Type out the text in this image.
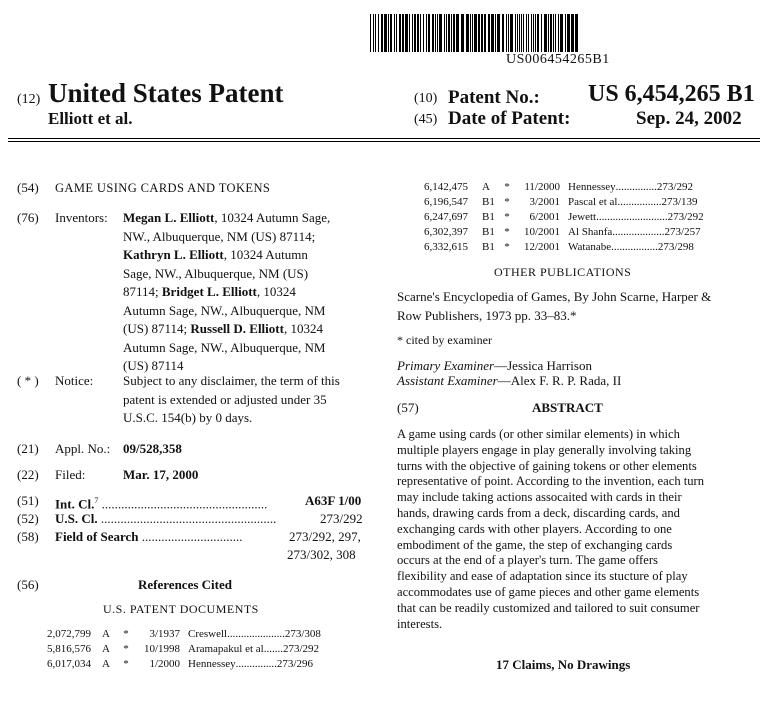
US006454265B1
(12) United States Patent
Elliott et al.
(10) Patent No.: US 6,454,265 B1
(45) Date of Patent:	Sep. 24, 2002
(54) GAME USING CARDS AND TOKENS
(76) Inventors: Megan L. Elliott, 10324 Autumn Sage,
NW., Albuquerque, NM (US) 87114;
Kathryn L. Elliott, 10324 Autumn
Sage, NW., Albuquerque, NM (US)
87114; Bridget L. Elliott, 10324
Autumn Sage, NW., Albuquerque, NM
(US) 87114; Russell D. Elliott, 10324
Autumn Sage, NW., Albuquerque, NM
(US) 87114
( * ) Notice: Subject to any disclaimer, the term of this
patent is extended or adjusted under 35
U.S.C. 154(b) by 0 days.
(21) Appl. No.: 09/528,358
(22) Filed:	Mar. 17, 2000
(51) Int. Cl.$^7$ ...................................................	A63F 1/00
(52) U.S. Cl. ......................................................	273/292
(58) Field of Search ...............................	273/292, 297,
273/302, 308
(56)	References Cited
U.S. PATENT DOCUMENTS
2,072,799 A * 3/1937 Creswell.....................273/308
5,816,576 A * 10/1998 Aramapakul et al.......273/292
6,017,034 A * 1/2000 Hennessey...............273/296
6,142,475 A * 11/2000 Hennessey...............273/292
6,196,547 B1 * 3/2001 Pascal et al................273/139
6,247,697 B1 * 6/2001 Jewett..........................273/292
6,302,397 B1 * 10/2001 Al Shanfa...................273/257
6,332,615 B1 * 12/2001 Watanabe.................273/298
OTHER PUBLICATIONS
Scarne's Encyclopedia of Games, By John Scarne, Harper &
Row Publishers, 1973 pp. 33–83.*
* cited by examiner
Primary Examiner—Jessica Harrison
Assistant Examiner—Alex F. R. P. Rada, II
(57)	ABSTRACT
A game using cards (or other similar elements) in which
multiple players engage in play generally involving taking
turns with the objective of gaining tokens or other elements
representative of point. According to the invention, each turn
may include taking actions assocaited with cards in their
hands, drawing cards from a deck, discarding cards, and
exchanging cards with other players. According to one
embodiment of the game, the step of exchanging cards
occurs at the end of a player's turn. The game offers
flexibility and ease of adaptation since its stucture of play
accommodates use of game pieces and other game elements
that can be readily customized and tailored to suit consumer
interests.
17 Claims, No Drawings
